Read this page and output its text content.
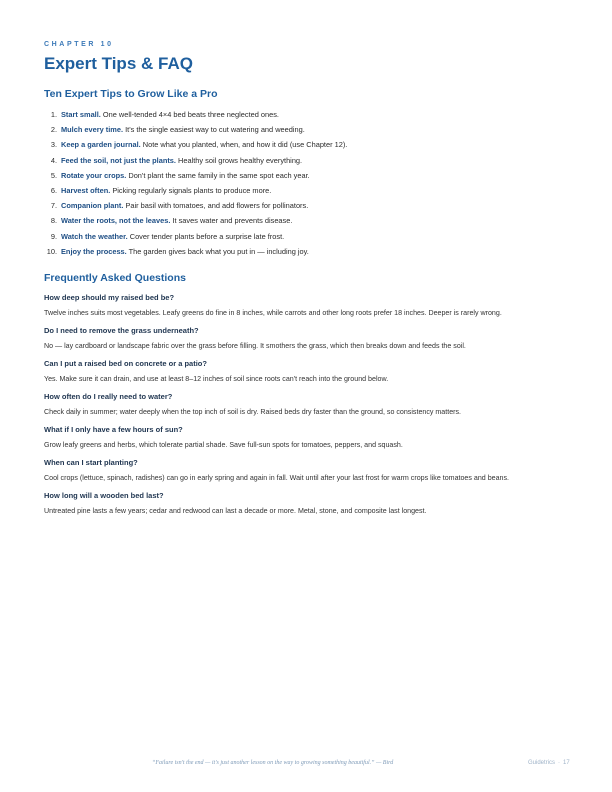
CHAPTER 10
Expert Tips & FAQ
Ten Expert Tips to Grow Like a Pro
1. Start small. One well-tended 4×4 bed beats three neglected ones.
2. Mulch every time. It's the single easiest way to cut watering and weeding.
3. Keep a garden journal. Note what you planted, when, and how it did (use Chapter 12).
4. Feed the soil, not just the plants. Healthy soil grows healthy everything.
5. Rotate your crops. Don't plant the same family in the same spot each year.
6. Harvest often. Picking regularly signals plants to produce more.
7. Companion plant. Pair basil with tomatoes, and add flowers for pollinators.
8. Water the roots, not the leaves. It saves water and prevents disease.
9. Watch the weather. Cover tender plants before a surprise late frost.
10. Enjoy the process. The garden gives back what you put in — including joy.
Frequently Asked Questions
How deep should my raised bed be?
Twelve inches suits most vegetables. Leafy greens do fine in 8 inches, while carrots and other long roots prefer 18 inches. Deeper is rarely wrong.
Do I need to remove the grass underneath?
No — lay cardboard or landscape fabric over the grass before filling. It smothers the grass, which then breaks down and feeds the soil.
Can I put a raised bed on concrete or a patio?
Yes. Make sure it can drain, and use at least 8–12 inches of soil since roots can't reach into the ground below.
How often do I really need to water?
Check daily in summer; water deeply when the top inch of soil is dry. Raised beds dry faster than the ground, so consistency matters.
What if I only have a few hours of sun?
Grow leafy greens and herbs, which tolerate partial shade. Save full-sun spots for tomatoes, peppers, and squash.
When can I start planting?
Cool crops (lettuce, spinach, radishes) can go in early spring and again in fall. Wait until after your last frost for warm crops like tomatoes and beans.
How long will a wooden bed last?
Untreated pine lasts a few years; cedar and redwood can last a decade or more. Metal, stone, and composite last longest.
“Failure isn't the end — it's just another lesson on the way to growing something beautiful.” — Bird	Guidetrics · 17
